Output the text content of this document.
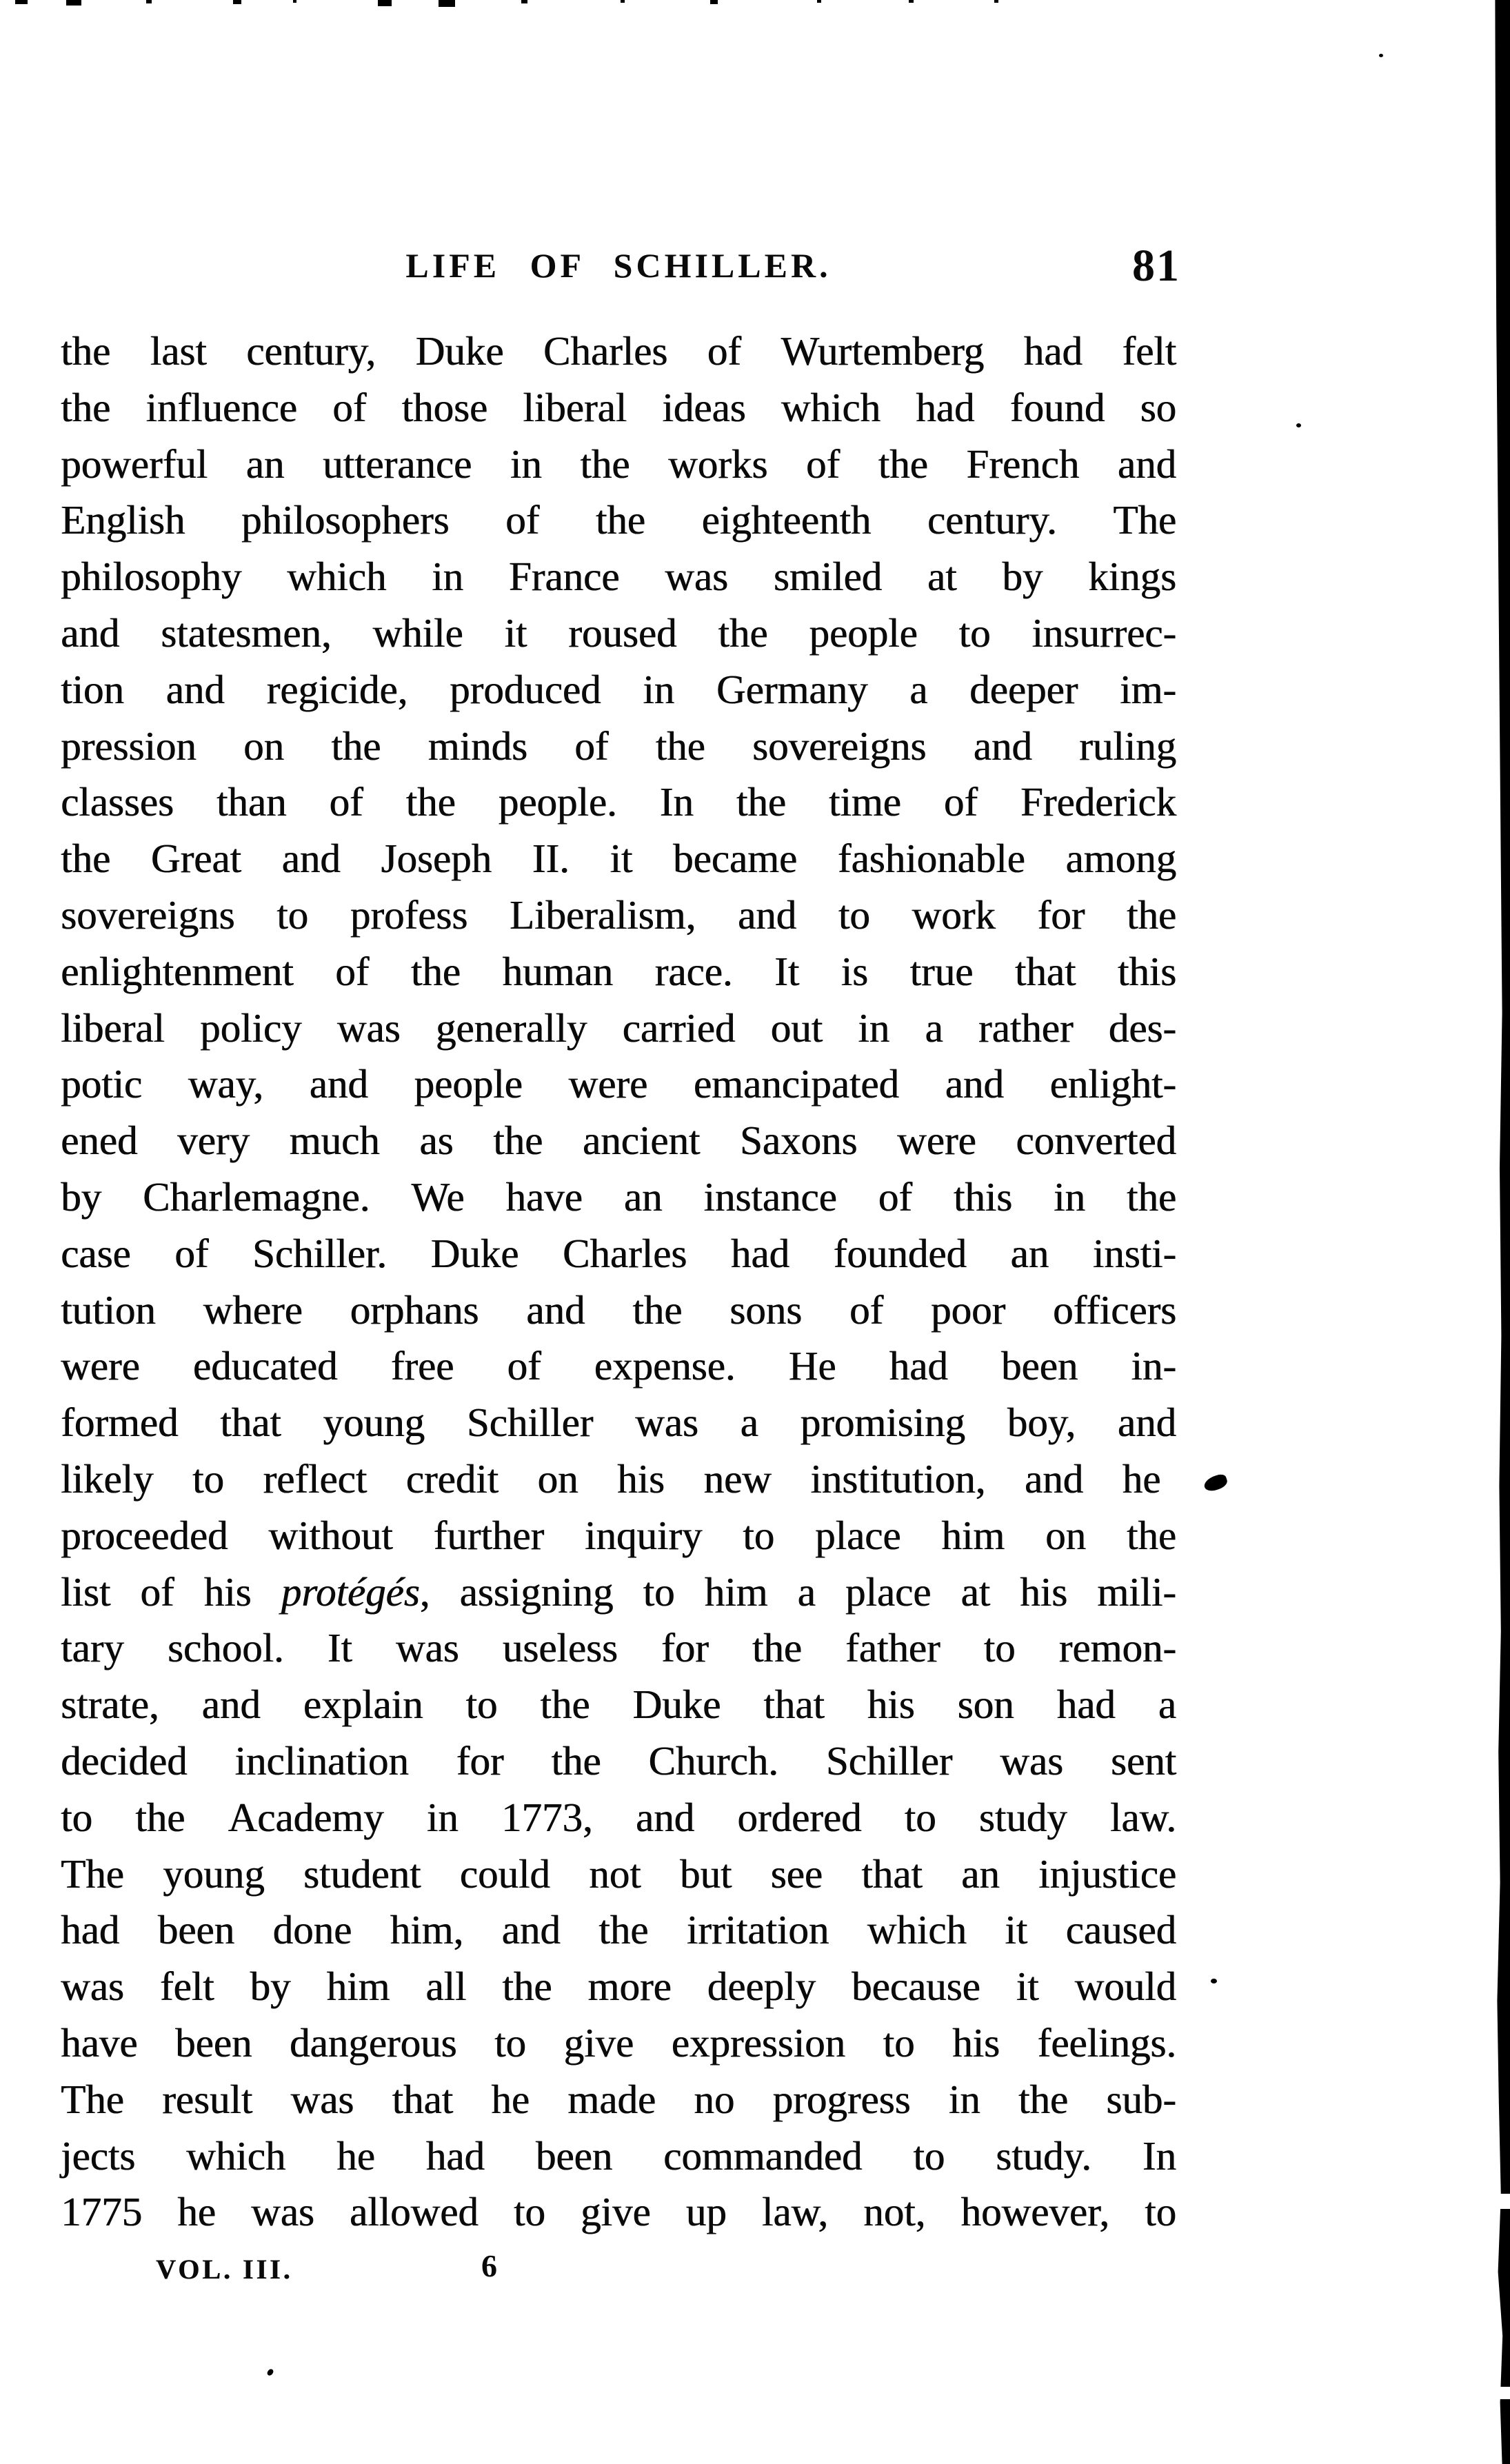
LIFE OF SCHILLER.	81
the last century, Duke Charles of Wurtemberg had felt
the influence of those liberal ideas which had found so
powerful an utterance in the works of the French and
English philosophers of the eighteenth century. The
philosophy which in France was smiled at by kings
and statesmen, while it roused the people to insurrec-
tion and regicide, produced in Germany a deeper im-
pression on the minds of the sovereigns and ruling
classes than of the people. In the time of Frederick
the Great and Joseph II. it became fashionable among
sovereigns to profess Liberalism, and to work for the
enlightenment of the human race. It is true that this
liberal policy was generally carried out in a rather des-
potic way, and people were emancipated and enlight-
ened very much as the ancient Saxons were converted
by Charlemagne. We have an instance of this in the
case of Schiller. Duke Charles had founded an insti-
tution where orphans and the sons of poor officers
were educated free of expense. He had been in-
formed that young Schiller was a promising boy, and
likely to reflect credit on his new institution, and he
proceeded without further inquiry to place him on the
list of his protégés, assigning to him a place at his mili-
tary school. It was useless for the father to remon-
strate, and explain to the Duke that his son had a
decided inclination for the Church. Schiller was sent
to the Academy in 1773, and ordered to study law.
The young student could not but see that an injustice
had been done him, and the irritation which it caused
was felt by him all the more deeply because it would
have been dangerous to give expression to his feelings.
The result was that he made no progress in the sub-
jects which he had been commanded to study. In
1775 he was allowed to give up law, not, however, to
VOL. III.	6
